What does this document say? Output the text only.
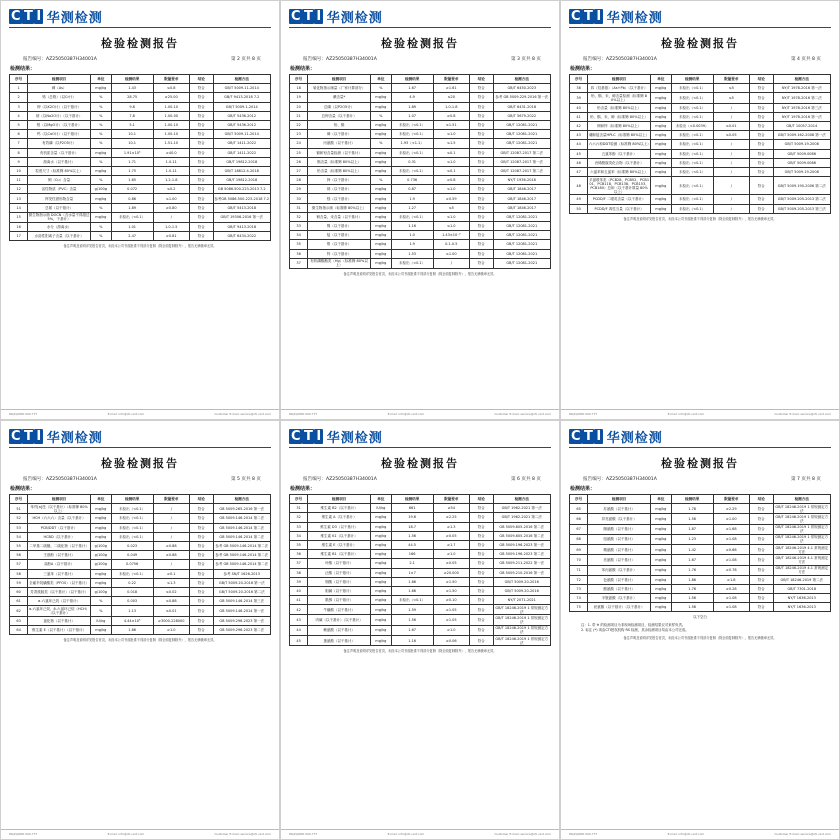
C T I 华测检测
检验检测报告
报告编号：AZ25050387H34001A	第 2 页共 8 页
检测结果：
序号	检测项目	单位	检测结果	限量要求	结论	检测方法
1	砷（As）	mg/kg	1.43	≤0.8	符合	GB/T 5009.11-2014
2	铬（总铬）（以Cr计）	%	28.75	≥25.00	符合	GB/T 9413-2018 7.2
3	钾（以K2O计）（以干基计）	%	9.8	1.00-10	符合	GB/T 5009.1-2014
4	钠（以Na2O计）（以干基计）	%	7.8	1.00-00	符合	GB/T 5436-2012
5	镁（以MgO计）（以干基计）	%	5.1	1.00-10	符合	GB/T 5436-2012
6	钙（以CaO计）（以干基计）	%	10.1	1.00-10	符合	GB/T 5009.11-2014
7	有效磷（以P2O5计）	%	10.1	1.51-10	符合	GB/T 1411-2022
8	有机质含量（以干基计）	mg/kg	1.91×10³	≥40.0	符合	GB/T 1411-2022
9	游离水（以干基计）	%	1.71	1.0-11	符合	GB/T 19812-2018
10	粒度尺寸（标准筛 80%以上）	mg/kg	1.75	1.0-11	符合	GB/T 18812.4-2018
11	铜（Cu）含量	%	1.65	1.2-1.8	符合	GB/T 19812-2018
12	活性物质（PVC）含量	g/100g	0.072	≤0.2	符合	GB 5086.500-223-2013 7.2
13	挥发性固形物含量	mg/kg	0.86	≤1.00	符合	参考GB 5086.500-223-2018 7.2
14	总氮（以干基计）	%	1.89	≥0.80	符合	GB/T 5413-2018
15	微生物指示菌 DOCN（含水量不得超过 5%，干基计）	mg/kg	未检出（<0.1）	/	符合	GB/T 19306-2016 第一法
16	水分（游离水）	%	1.01	1.0-1.5	符合	GB/T 9413-2018
17	水溶性阳离子含量（以干基计）	%	2.47	≥0.81	符合	GB/T 6434-2022
备注声明及说明详见报告首页，未经本公司书面批准不得部分复制（除全面复制除外），报告无骑缝章无效。
86(0)4000-500-777	E-mail: info@cti-cert.com	Customer E-mail: service@cti-cert.com
C T I 华测检测
检验检测报告
报告编号：AZ25050387H34001A	第 3 页共 8 页
检测结果：
序号	检测项目	单位	检测结果	限量要求	结论	检测方法
18	氧化物指示菌量（厂家计算部分）	%	1.67	≥1.61	符合	GB/T 6450-2023
19	碘含量*	mg/kg	4.9	≤20	符合	参考 GB 5009.229-2016 第一法
20	总磷（以P2O5计）	mg/kg	1.89	1.0-1.8	符合	GB/T 6431-2018
21	总钾含量（以干基计）	%	1.07	≥0.8	符合	GB/T 5679-2022
22	铅、镉	mg/kg	未检出（<0.1）	≤1.51	符合	GB/T 12081-2021
23	砷（以干基计）	mg/kg	未检出（<0.1）	≤1.0	符合	GB/T 12081-2021
24	丙氨酸（以干基计）	%	1.93（<1.1）	≤1.5	符合	GB/T 12081-2021
25	镉和铅含量检测（以干基计）	mg/kg	未检出（<0.1）	≤0.1	符合	GB/T 12087-2017 第二法
26	镉含量（标准筛 80%以上）	mg/kg	0.31	≤1.0	符合	GB/T 12087-2017 第一法
27	铅含量（标准筛 80%以上）	mg/kg	未检出（<0.1）	≤0.1	符合	GB/T 12087-2017 第二法
28	钾（以干基计）	%	0.736	≥0.8	符合	NY/T 1936-2018
29	钠（以干基计）	mg/kg	0.87	≤1.0	符合	GB/T 1846-2017
30	镁（以干基计）	mg/kg	1.9	≥0.59	符合	GB/T 1846-2017
31	微生物指示菌（标准筛 80%以上）	mg/kg	1.27	≤5	符合	GB/T 1846-2017
32	铜含量、汞含量（以干基计）	mg/kg	未检出（<0.1）	≤1.0	符合	GB/T 12081-2021
33	镍（以干基计）	mg/kg	1.16	≤1.0	符合	GB/T 12081-2021
34	锰（以干基计）	mg/kg	1.0	1.43×10⁻³	符合	GB/T 12081-2021
35	钼（以干基计）	mg/kg	1.9	0.1-0.5	符合	GB/T 12081-2021
36	锌（以干基计）	mg/kg	1.53	≤1.00	符合	GB/T 12081-2021
37	有机磷酸酯类（Hg）（标准筛 80%以上）	mg/kg	未检出（<0.1）	/	符合	GB/T 12081-2021
备注声明及说明详见报告首页，未经本公司书面批准不得部分复制（除全面复制除外），报告无骑缝章无效。
86(0)4000-500-777	E-mail: info@cti-cert.com	Customer E-mail: service@cti-cert.com
C T I 华测检测
检验检测报告
报告编号：AZ25050387H34001A	第 4 页共 8 页
检测结果：
序号	检测项目	单位	检测结果	限量要求	结论	检测方法
38	四（羟基基）（As+Pb）（以干基计）	mg/kg	未检出（<0.1）	≤5	符合	NY/T 1978-2016 第一法
39	铅、镉、汞、砷含量检测（标准筛 80%以上）	mg/kg	未检出（<0.1）	≤5	符合	NY/T 1978-2016 第二法
40	铅含量（标准筛 80%以上）	mg/kg	未检出（<0.1）	/	符合	NY/T 1978-2016 第三法
41	铅、镉、汞、砷（标准筛 80%以上）	mg/kg	未检出（<0.1）	/	符合	NY/T 1978-2016 第一法
42	铜和锌（标准筛 80%以上）	mg/kg	未检出（<0.0039）	≤0.01	符合	GB/T 10057-2014
43	硼和锰含量HPLC（标准筛 80%以上）	mg/kg	未检出（<0.1）	≤0.05	符合	GB/T 5009.162-2008 第一法
44	六六六和DDT检测（标准筛 80%以上）	mg/kg	未检出（<0.1）	/	符合	GB/T 5009.19-2008
45	五氯苯酚（以干基计）	mg/kg	未检出（<0.1）	/	符合	GB/T 5009.0086
46	丙烯酰胺类化合物（以干基计）	mg/kg	未检出（<0.1）	/	符合	GB/T 5009.0086
47	六氯苯和五氯苯（标准筛 80%以上）	mg/kg	未检出（<0.1）	/	符合	GB/T 5009.19-2008
48	多氯联苯类（PCB28、PCB52、PCB101、PCB118、PCB138、PCB153、PCB180）总和（以干基计算量 80%以上）	mg/kg	未检出（<0.1）	/	符合	GB/T 5009.190-2006 第二法
49	PCDD/F 二噁英含量（以干基计）	mg/kg	未检出（<0.1）	/	符合	GB/T 5009.205-2013 第二法
50	PCDD/F 毒性当量（以干基计）	mg/kg	未检出（<0.1）	/	符合	GB/T 5009.205-2013 第三法
备注声明及说明详见报告首页，未经本公司书面批准不得部分复制（除全面复制除外），报告无骑缝章无效。
86(0)4000-500-777	E-mail: info@cti-cert.com	Customer E-mail: service@cti-cert.com
C T I 华测检测
检验检测报告
报告编号：AZ25050387H34001A	第 5 页共 8 页
检测结果：
序号	检测项目	单位	检测结果	限量要求	结论	检测方法
51	苯并[a]芘（以干基计）（标准筛 80%以上）	mg/kg	未检出（<0.1）	/	符合	GB 5009.265-2016 第一法
52	HCH（六六六）含量（以干基计）	mg/kg	未检出（<0.1）	/	符合	GB 5009.146-2014 第二法
53	PCB/DDT（以干基计）	mg/kg	未检出（<0.1）	/	符合	GB 5009.146-2014 第二法
54	HCBD（以干基计）	mg/kg	未检出（<0.1）	/	符合	GB 5009.146-2014 第二法
55	二甲基二硫醚、二硫化物（以干基计）	g/100g	0.023	≥0.88	符合	参考 GB 5009.146-2014 第二法
56	壬基酚（以干基计）	g/100g	0.049	≥0.88	符合	参考 GB 5009.146-2014 第二法
57	双酚A（以干基计）	g/100g	0.0756	/	符合	参考 GB 5009.146-2014 第二法
58	三氯苯（以干基计）	mg/kg	未检出（<0.1）	≥0.1	符合	参考 SN/T 1626-2013
59	全氟辛烷磺酸类（PFOS）（以干基计）	mg/kg	0.22	≤1.3	符合	GB/T 5009.20-2016 第一法
60	芳香族胺类（以干基计）（以干基计）	g/100g	0.018	≤0.02	符合	GB/T 5009.20-2016 第二法
61	α-六氯环己烷（以干基计）	%	0.003	≤0.88	符合	GB 5009.146-2014 第三法
62	α-六氯环己烷、β-六氯环己烷（HCH）（以干基计）	%	1.13	≤0.01	符合	GB 5009.146-2014 第一法
63	氯化物（以干基计）	IU/kg	4.44×10⁵	≥3000-228000	符合	GB 5009.296-2023 第一法
64	维生素 E（以干基计）（以干基计）	mg/kg	1.66	≥1.0	符合	GB 5009.296-2023 第二法
备注声明及说明详见报告首页，未经本公司书面批准不得部分复制（除全面复制除外），报告无骑缝章无效。
86(0)4000-500-777	E-mail: info@cti-cert.com	Customer E-mail: service@cti-cert.com
C T I 华测检测
检验检测报告
报告编号：AZ25050387H34001A	第 6 页共 8 页
检测结果：
序号	检测项目	单位	检测结果	限量要求	结论	检测方法
31	维生素 B2（以干基计）	IU/kg	661	≥54	符合	GB/T 1962-2021 第一法
32	维生素 A（以干基计）	mg/kg	19.6	≥2.25	符合	GB/T 1962-2021 第二法
33	维生素 D3（以干基计）	mg/kg	18.7	≥1.3	符合	GB 5009.805-2016 第二法
34	维生素 K1（以干基计）	mg/kg	1.56	≥0.05	符合	GB 5009.805-2016 第二法
35	维生素 E（以干基计）	mg/kg	44.5	≥1.7	符合	GB 5009.196-2023 第一法
36	维生素 B1（以干基计）	mg/kg	166	≥1.0	符合	GB 5009.196-2023 第二法
37	叶酸（以干基计）	mg/kg	2.1	≥0.05	符合	GB 5009.211-2022 第一法
38	泛酸（以干基计）	mg/kg	1×7	≥20.000	符合	GB 5009.210-2016 第一法
39	烟酸（以干基计）	mg/kg	1.66	≥1.50	符合	GB/T 5009.20-2016
40	胆碱（以干基计）	mg/kg	1.66	≥1.50	符合	GB/T 5009.20-2016
41	肌醇（以干基计）	mg/kg	未检出（<0.1）	≥0.10	符合	NY/T 2071-2021
42	牛磺酸（以干基计）	mg/kg	1.59	≥1.05	符合	GB/T 18246-2019 1 常规测定方法
43	肉碱（以干基计）（以干基计）	mg/kg	1.56	≥1.05	符合	GB/T 18246-2019 1 常规测定方法
44	赖氨酸（以干基计）	mg/kg	1.67	≥1.0	符合	GB/T 18246-2019 1 常规测定方法
45	蛋氨酸（以干基计）	mg/kg	1.16	≥0.06	符合	GB/T 18246-2019 1 常规测定方法
备注声明及说明详见报告首页，未经本公司书面批准不得部分复制（除全面复制除外），报告无骑缝章无效。
86(0)4000-500-777	E-mail: info@cti-cert.com	Customer E-mail: service@cti-cert.com
C T I 华测检测
检验检测报告
报告编号：AZ25050387H34001A	第 7 页共 8 页
检测结果：
序号	检测项目	单位	检测结果	限量要求	结论	检测方法
65	苏氨酸（以干基计）	mg/kg	1.78	≥2.29	符合	GB/T 18246-2019 1 常规测定方法
66	异亮氨酸（以干基计）	mg/kg	1.56	≥1.00	符合	GB/T 18246-2019 1 常规测定方法
67	缬氨酸（以干基计）	mg/kg	1.87	≥1.68	符合	GB/T 18246-2019 1 常规测定方法
68	组氨酸（以干基计）	mg/kg	1.23	≥1.08	符合	GB/T 18246-2019 1 常规测定方法
69	精氨酸（以干基计）	mg/kg	1.42	≥0.68	符合	GB/T 18246-2019 4.1 常规测定方法
70	亮氨酸（以干基计）	mg/kg	1.67	≥1.08	符合	GB/T 18246-2019 4.1 常规测定方法
71	苯丙氨酸（以干基计）	mg/kg	1.76	≥0.78	符合	GB/T 18246-2019 4.1 常规测定方法
72	色氨酸（以干基计）	mg/kg	1.86	≥1.8	符合	GB/T 18246-2019 第二法
73	酪氨酸（以干基计）	mg/kg	1.76	≥0.28	符合	GB/T 7301-2018
74	半胱氨酸（以干基计）	mg/kg	1.56	≥1.08	符合	NY/T 1636-2013
75	丝氨酸（以干基计）（以干基计）	mg/kg	1.56	≥1.08	符合	NY/T 1636-2013
以下空白
注：1. 带 ※ 的检测项目为非现场检测项目，检测结果仅对来样负责。
2. 标注 (*) 项由CTI授权机构 RS 检测，其余检测项目均由本公司完成。
备注声明及说明详见报告首页，未经本公司书面批准不得部分复制（除全面复制除外），报告无骑缝章无效。
86(0)4000-500-777	E-mail: info@cti-cert.com	Customer E-mail: service@cti-cert.com
